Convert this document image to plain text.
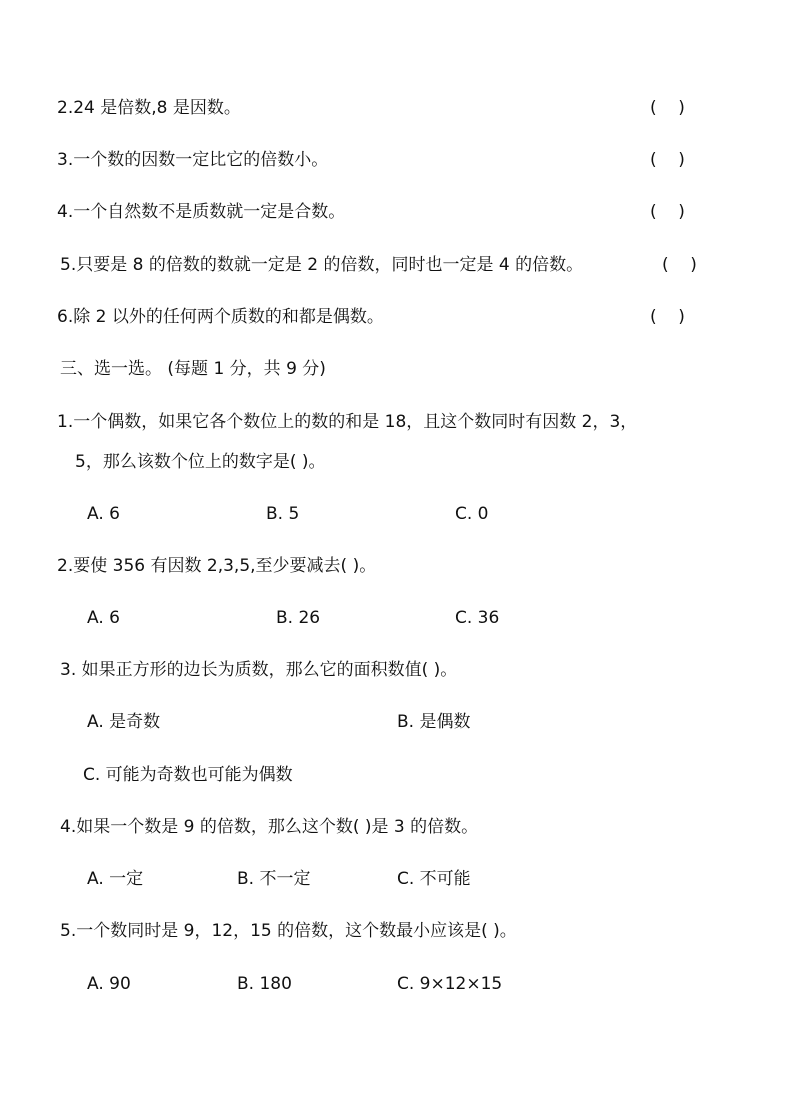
2.24 是倍数,8 是因数。	(    )
3.一个数的因数一定比它的倍数小。	(    )
4.一个自然数不是质数就一定是合数。	(    )
5.只要是 8 的倍数的数就一定是 2 的倍数，同时也一定是 4 的倍数。	(    )
6.除 2 以外的任何两个质数的和都是偶数。	(    )
三、选一选。 (每题 1 分，共 9 分)
1.一个偶数，如果它各个数位上的数的和是 18，且这个数同时有因数 2，3，
5，那么该数个位上的数字是( )。
A. 6	B. 5	C. 0
2.要使 356 有因数 2,3,5,至少要减去( )。
A. 6	B. 26	C. 36
3. 如果正方形的边长为质数，那么它的面积数值( )。
A. 是奇数	B. 是偶数
C. 可能为奇数也可能为偶数
4.如果一个数是 9 的倍数，那么这个数( )是 3 的倍数。
A. 一定	B. 不一定	C. 不可能
5.一个数同时是 9，12，15 的倍数，这个数最小应该是( )。
A. 90	B. 180	C. 9×12×15
